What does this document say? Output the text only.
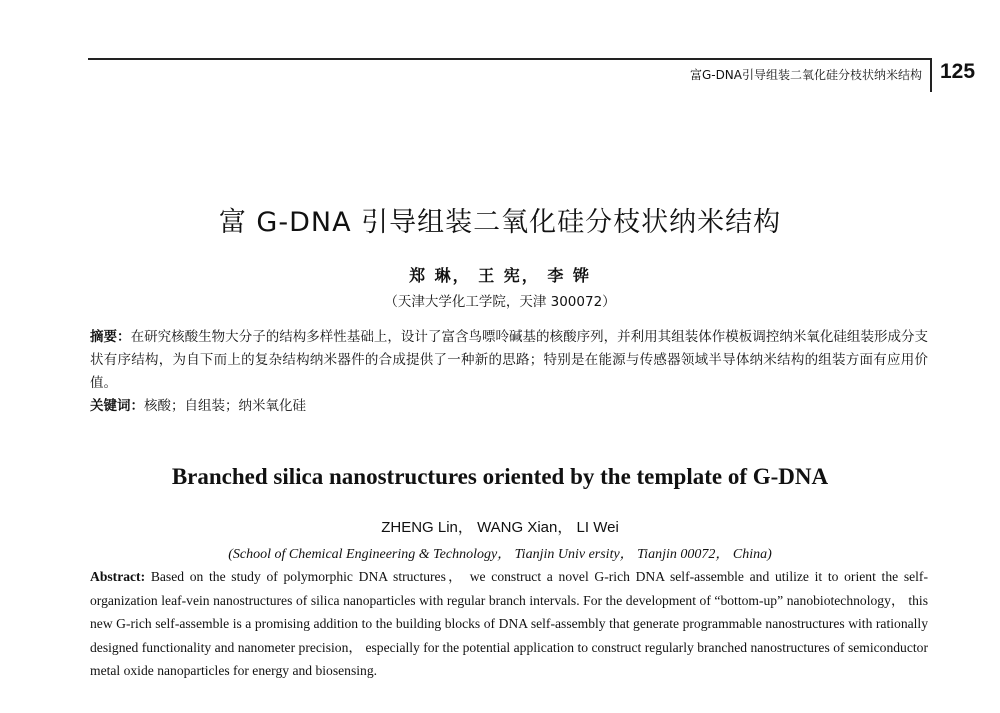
富G-DNA引导组装二氧化硅分枝状纳米结构 125
富 G-DNA 引导组装二氧化硅分枝状纳米结构
郑 琳， 王 宪， 李 铧
（天津大学化工学院，天津 300072）
摘要：在研究核酸生物大分子的结构多样性基础上，设计了富含鸟嘌呤碱基的核酸序列，并利用其组装体作模板调控纳米氧化硅组装形成分支状有序结构，为自下而上的复杂结构纳米器件的合成提供了一种新的思路；特别是在能源与传感器领域半导体纳米结构的组装方面有应用价值。
关键词：核酸；自组装；纳米氧化硅
Branched silica nanostructures oriented by the template of G-DNA
ZHENG Lin， WANG Xian， LI Wei
(School of Chemical Engineering & Technology， Tianjin Univ ersity， Tianjin 00072， China)
Abstract: Based on the study of polymorphic DNA structures， we construct a novel G-rich DNA self-assemble and utilize it to orient the self-organization leaf-vein nanostructures of silica nanoparticles with regular branch intervals. For the development of “bottom-up” nanobiotechnology， this new G-rich self-assemble is a promising addition to the building blocks of DNA self-assembly that generate programmable nanostructures with rationally designed functionality and nanometer precision， especially for the potential application to construct regularly branched nanostructures of semiconductor metal oxide nanoparticles for energy and biosensing.
